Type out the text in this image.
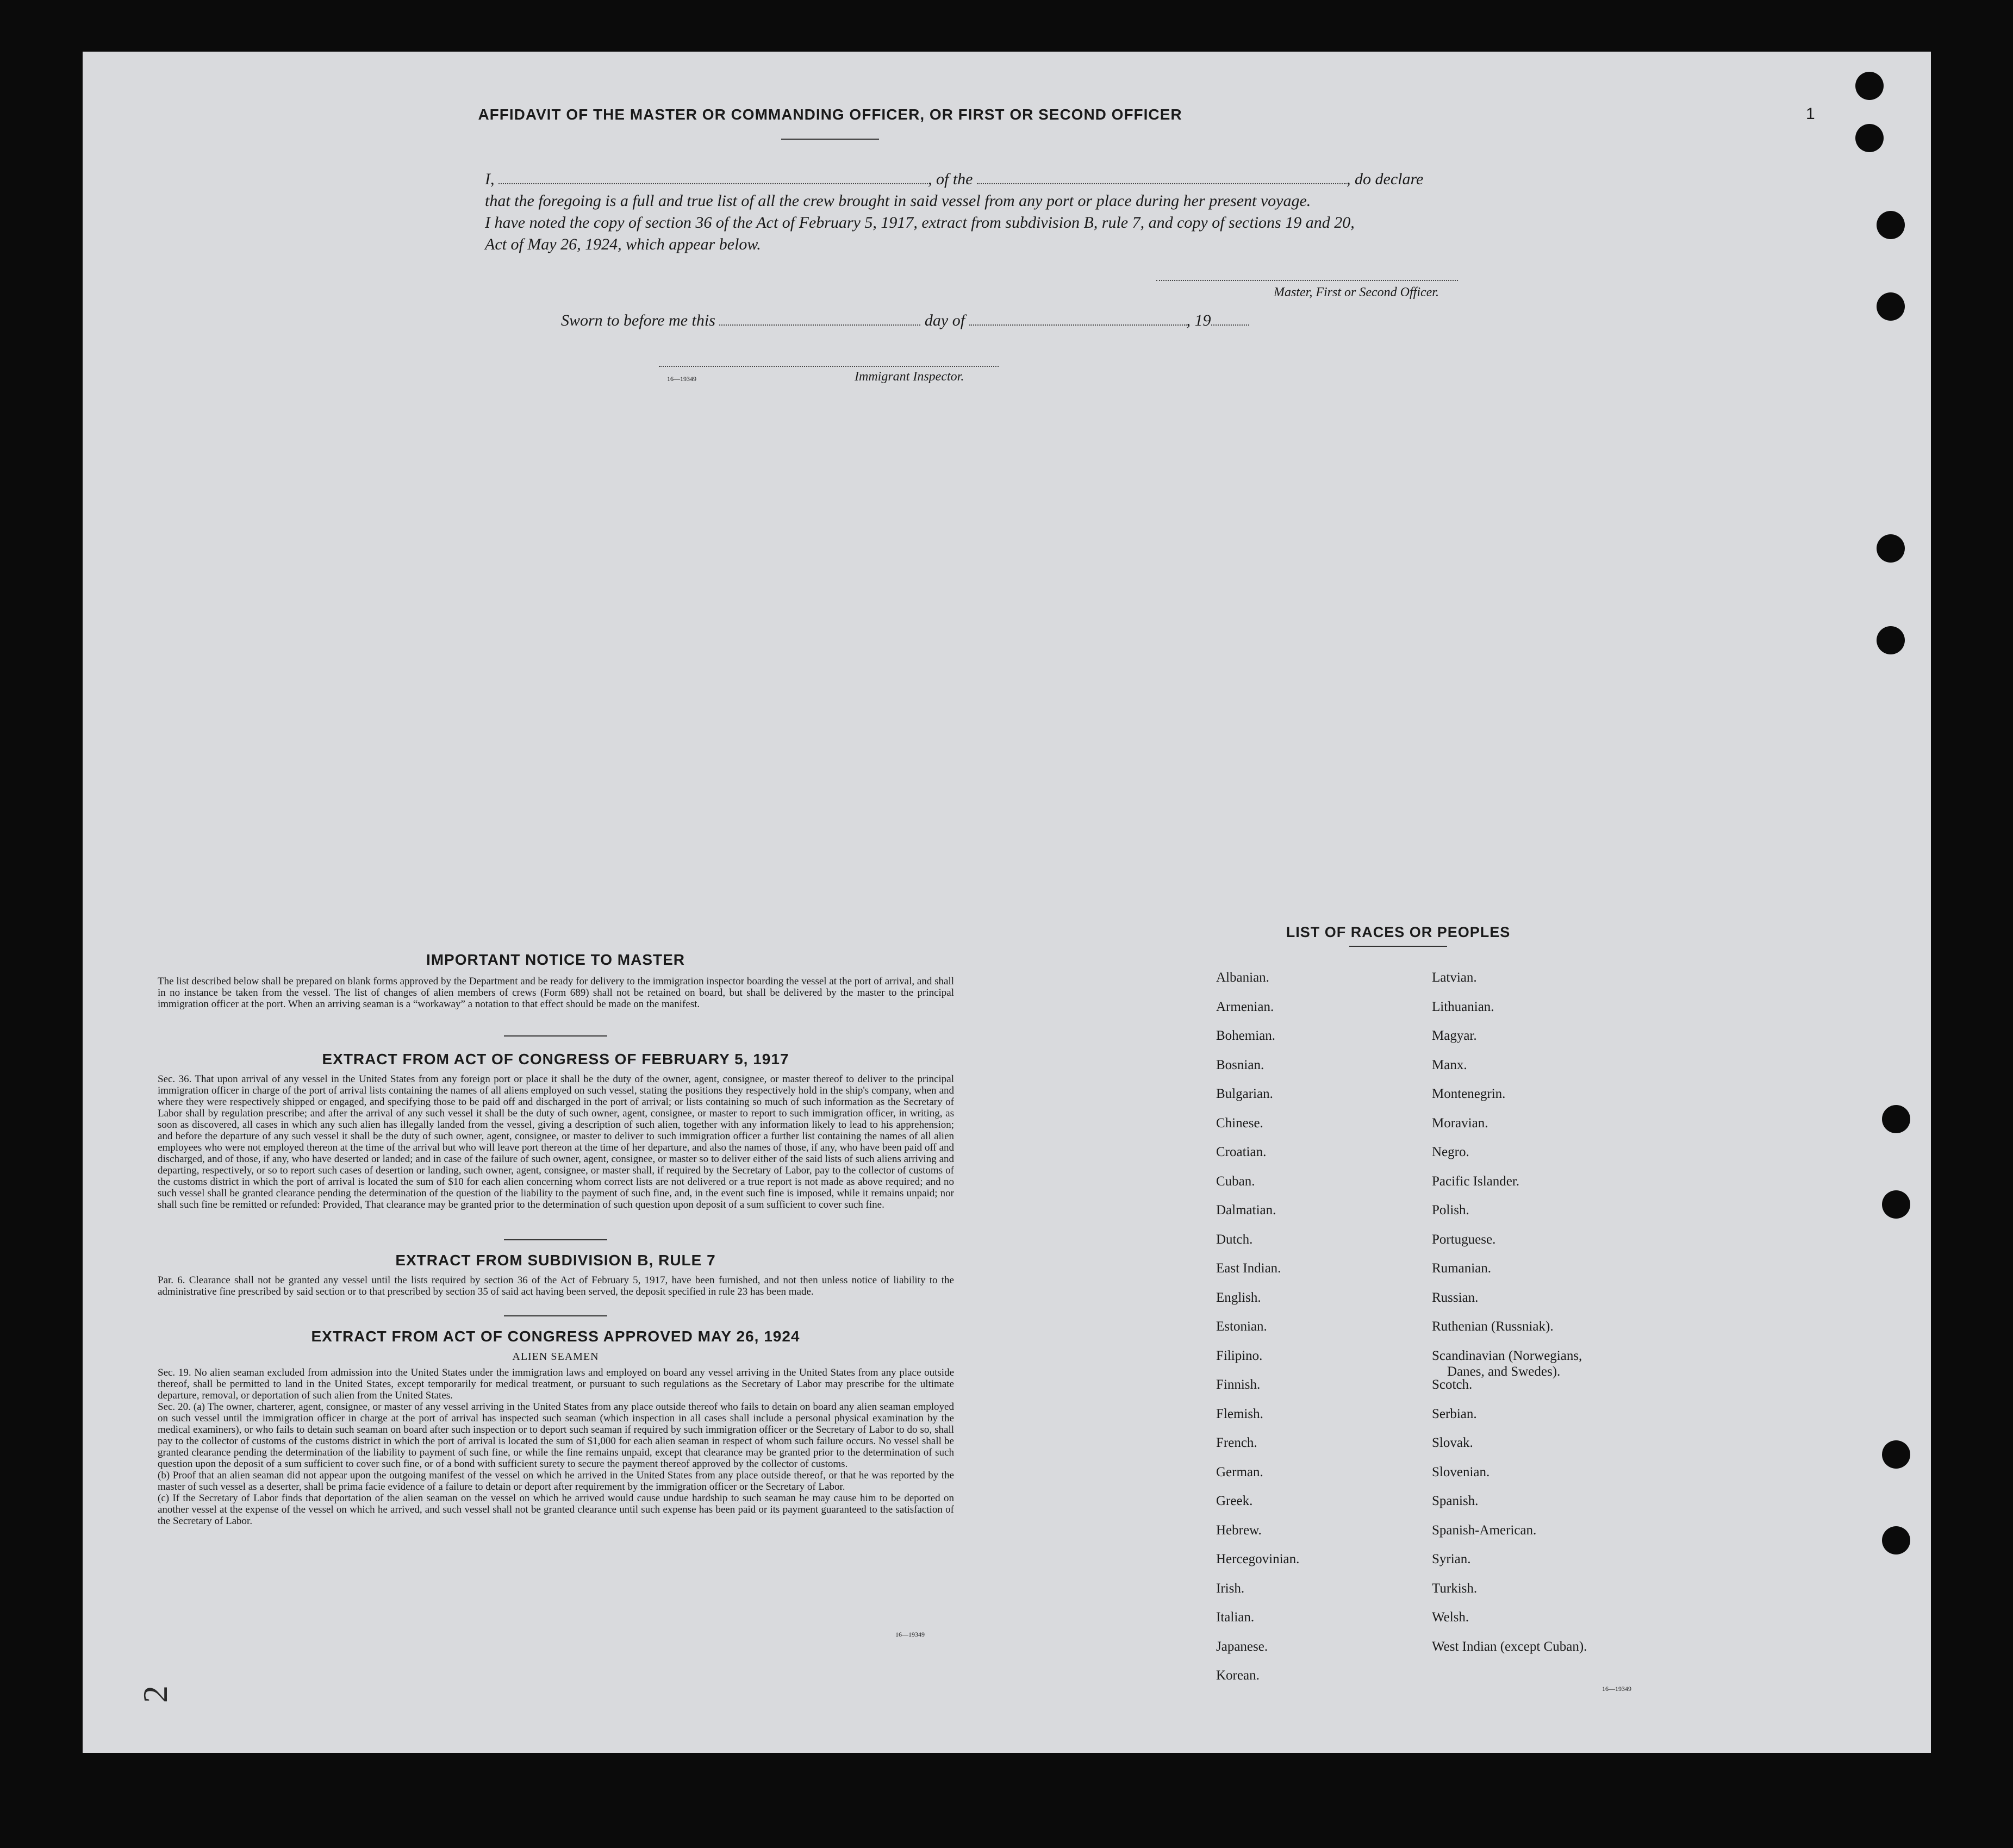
AFFIDAVIT OF THE MASTER OR COMMANDING OFFICER, OR FIRST OR SECOND OFFICER	1

I,	, of the	, do declare

that the foregoing is a full and true list of all the crew brought in said vessel from any port or place during her present voyage.

I have noted the copy of section 36 of the Act of February 5, 1917, extract from subdivision B, rule 7, and copy of sections 19 and 20,

Act of May 26, 1924, which appear below.

Master, First or Second Officer.
Sworn to before me this	day of	, 19
16—19349	Immigrant Inspector.
IMPORTANT NOTICE TO MASTER
The list described below shall be prepared on blank forms approved by the Department and be ready for delivery to the immigration inspector boarding the vessel at the port of arrival, and shall in no instance be taken from the vessel. The list of changes of alien members of crews (Form 689) shall not be retained on board, but shall be delivered by the master to the principal immigration officer at the port. When an arriving seaman is a “workaway” a notation to that effect should be made on the manifest.
EXTRACT FROM ACT OF CONGRESS OF FEBRUARY 5, 1917
Sec. 36. That upon arrival of any vessel in the United States from any foreign port or place it shall be the duty of the owner, agent, consignee, or master thereof to deliver to the principal immigration officer in charge of the port of arrival lists containing the names of all aliens employed on such vessel, stating the positions they respectively hold in the ship's company, when and where they were respectively shipped or engaged, and specifying those to be paid off and discharged in the port of arrival; or lists containing so much of such information as the Secretary of Labor shall by regulation prescribe; and after the arrival of any such vessel it shall be the duty of such owner, agent, consignee, or master to report to such immigration officer, in writing, as soon as discovered, all cases in which any such alien has illegally landed from the vessel, giving a description of such alien, together with any information likely to lead to his apprehension; and before the departure of any such vessel it shall be the duty of such owner, agent, consignee, or master to deliver to such immigration officer a further list containing the names of all alien employees who were not employed thereon at the time of the arrival but who will leave port thereon at the time of her departure, and also the names of those, if any, who have been paid off and discharged, and of those, if any, who have deserted or landed; and in case of the failure of such owner, agent, consignee, or master so to deliver either of the said lists of such aliens arriving and departing, respectively, or so to report such cases of desertion or landing, such owner, agent, consignee, or master shall, if required by the Secretary of Labor, pay to the collector of customs of the customs district in which the port of arrival is located the sum of $10 for each alien concerning whom correct lists are not delivered or a true report is not made as above required; and no such vessel shall be granted clearance pending the determination of the question of the liability to the payment of such fine, and, in the event such fine is imposed, while it remains unpaid; nor shall such fine be remitted or refunded: Provided, That clearance may be granted prior to the determination of such question upon deposit of a sum sufficient to cover such fine.
EXTRACT FROM SUBDIVISION B, RULE 7
Par. 6. Clearance shall not be granted any vessel until the lists required by section 36 of the Act of February 5, 1917, have been furnished, and not then unless notice of liability to the administrative fine prescribed by said section or to that prescribed by section 35 of said act having been served, the deposit specified in rule 23 has been made.
EXTRACT FROM ACT OF CONGRESS APPROVED MAY 26, 1924
ALIEN SEAMEN
Sec. 19. No alien seaman excluded from admission into the United States under the immigration laws and employed on board any vessel arriving in the United States from any place outside thereof, shall be permitted to land in the United States, except temporarily for medical treatment, or pursuant to such regulations as the Secretary of Labor may prescribe for the ultimate departure, removal, or deportation of such alien from the United States.
Sec. 20. (a) The owner, charterer, agent, consignee, or master of any vessel arriving in the United States from any place outside thereof who fails to detain on board any alien seaman employed on such vessel until the immigration officer in charge at the port of arrival has inspected such seaman (which inspection in all cases shall include a personal physical examination by the medical examiners), or who fails to detain such seaman on board after such inspection or to deport such seaman if required by such immigration officer or the Secretary of Labor to do so, shall pay to the collector of customs of the customs district in which the port of arrival is located the sum of $1,000 for each alien seaman in respect of whom such failure occurs. No vessel shall be granted clearance pending the determination of the liability to payment of such fine, or while the fine remains unpaid, except that clearance may be granted prior to the determination of such question upon the deposit of a sum sufficient to cover such fine, or of a bond with sufficient surety to secure the payment thereof approved by the collector of customs.
(b) Proof that an alien seaman did not appear upon the outgoing manifest of the vessel on which he arrived in the United States from any place outside thereof, or that he was reported by the master of such vessel as a deserter, shall be prima facie evidence of a failure to detain or deport after requirement by the immigration officer or the Secretary of Labor.
(c) If the Secretary of Labor finds that deportation of the alien seaman on the vessel on which he arrived would cause undue hardship to such seaman he may cause him to be deported on another vessel at the expense of the vessel on which he arrived, and such vessel shall not be granted clearance until such expense has been paid or its payment guaranteed to the satisfaction of the Secretary of Labor.
16—19349
LIST OF RACES OR PEOPLES
Albanian.
Armenian.
Bohemian.
Bosnian.
Bulgarian.
Chinese.
Croatian.
Cuban.
Dalmatian.
Dutch.
East Indian.
English.
Estonian.
Filipino.
Finnish.
Flemish.
French.
German.
Greek.
Hebrew.
Hercegovinian.
Irish.
Italian.
Japanese.
Korean.
Latvian.
Lithuanian.
Magyar.
Manx.
Montenegrin.
Moravian.
Negro.
Pacific Islander.
Polish.
Portuguese.
Rumanian.
Russian.
Ruthenian (Russniak).
Scandinavian (Norwegians,
Danes, and Swedes).
Scotch.
Serbian.
Slovak.
Slovenian.
Spanish.
Spanish-American.
Syrian.
Turkish.
Welsh.
West Indian (except Cuban).
16—19349
2
